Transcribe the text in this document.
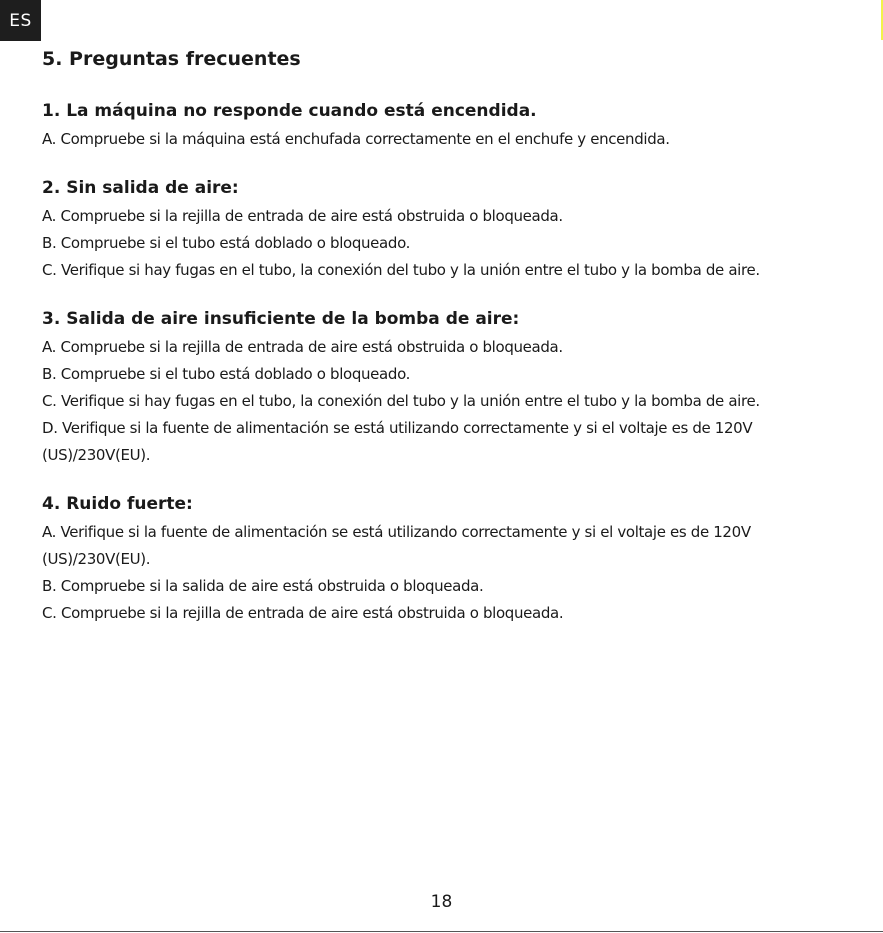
ES
5. Preguntas frecuentes

1. La máquina no responde cuando está encendida.

A. Compruebe si la máquina está enchufada correctamente en el enchufe y encendida.

2. Sin salida de aire:

A. Compruebe si la rejilla de entrada de aire está obstruida o bloqueada.

B. Compruebe si el tubo está doblado o bloqueado.

C. Verifique si hay fugas en el tubo, la conexión del tubo y la unión entre el tubo y la bomba de aire.

3. Salida de aire insuficiente de la bomba de aire:

A. Compruebe si la rejilla de entrada de aire está obstruida o bloqueada.

B. Compruebe si el tubo está doblado o bloqueado.

C. Verifique si hay fugas en el tubo, la conexión del tubo y la unión entre el tubo y la bomba de aire.

D. Verifique si la fuente de alimentación se está utilizando correctamente y si el voltaje es de 120V (US)/230V(EU).

4. Ruido fuerte:

A. Verifique si la fuente de alimentación se está utilizando correctamente y si el voltaje es de 120V (US)/230V(EU).

B. Compruebe si la salida de aire está obstruida o bloqueada.

C. Compruebe si la rejilla de entrada de aire está obstruida o bloqueada.

18
